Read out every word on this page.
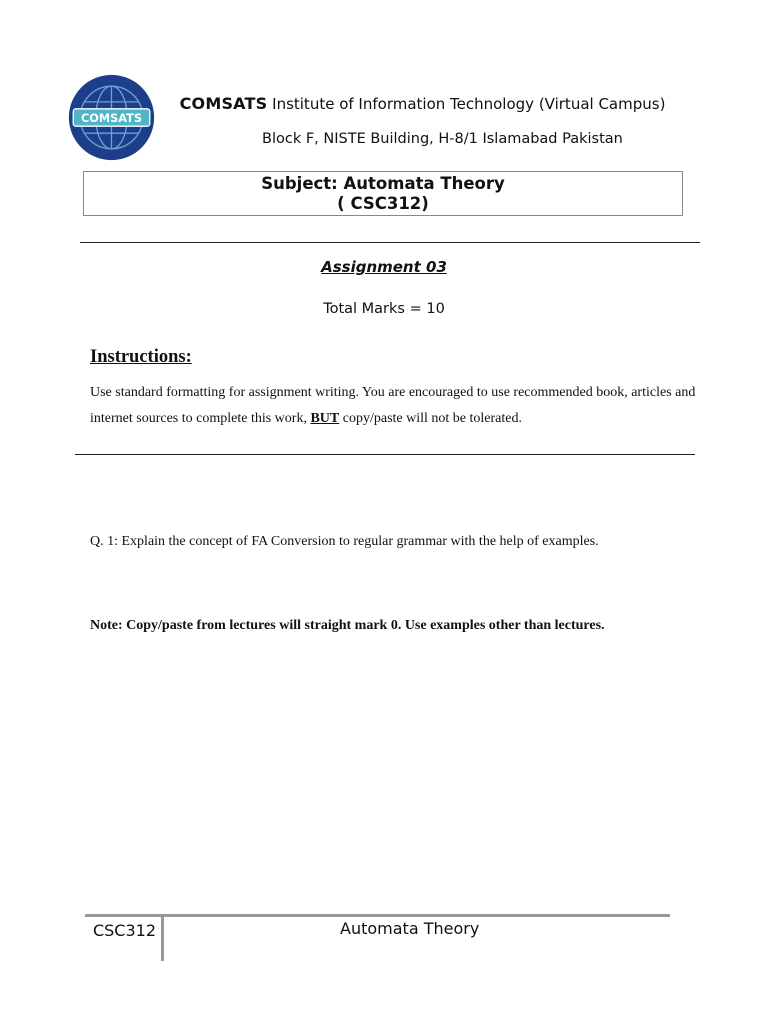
COMSATS
COMSATS Institute of Information Technology (Virtual Campus)
Block F, NISTE Building, H-8/1 Islamabad Pakistan
Subject: Automata Theory
( CSC312)
Assignment 03
Total Marks = 10
Instructions:
Use standard formatting for assignment writing. You are encouraged to use recommended book, articles and internet sources to complete this work, BUT copy/paste will not be tolerated.
Q. 1: Explain the concept of FA Conversion to regular grammar with the help of examples.
Note: Copy/paste from lectures will straight mark 0. Use examples other than lectures.
CSC312	Automata Theory
